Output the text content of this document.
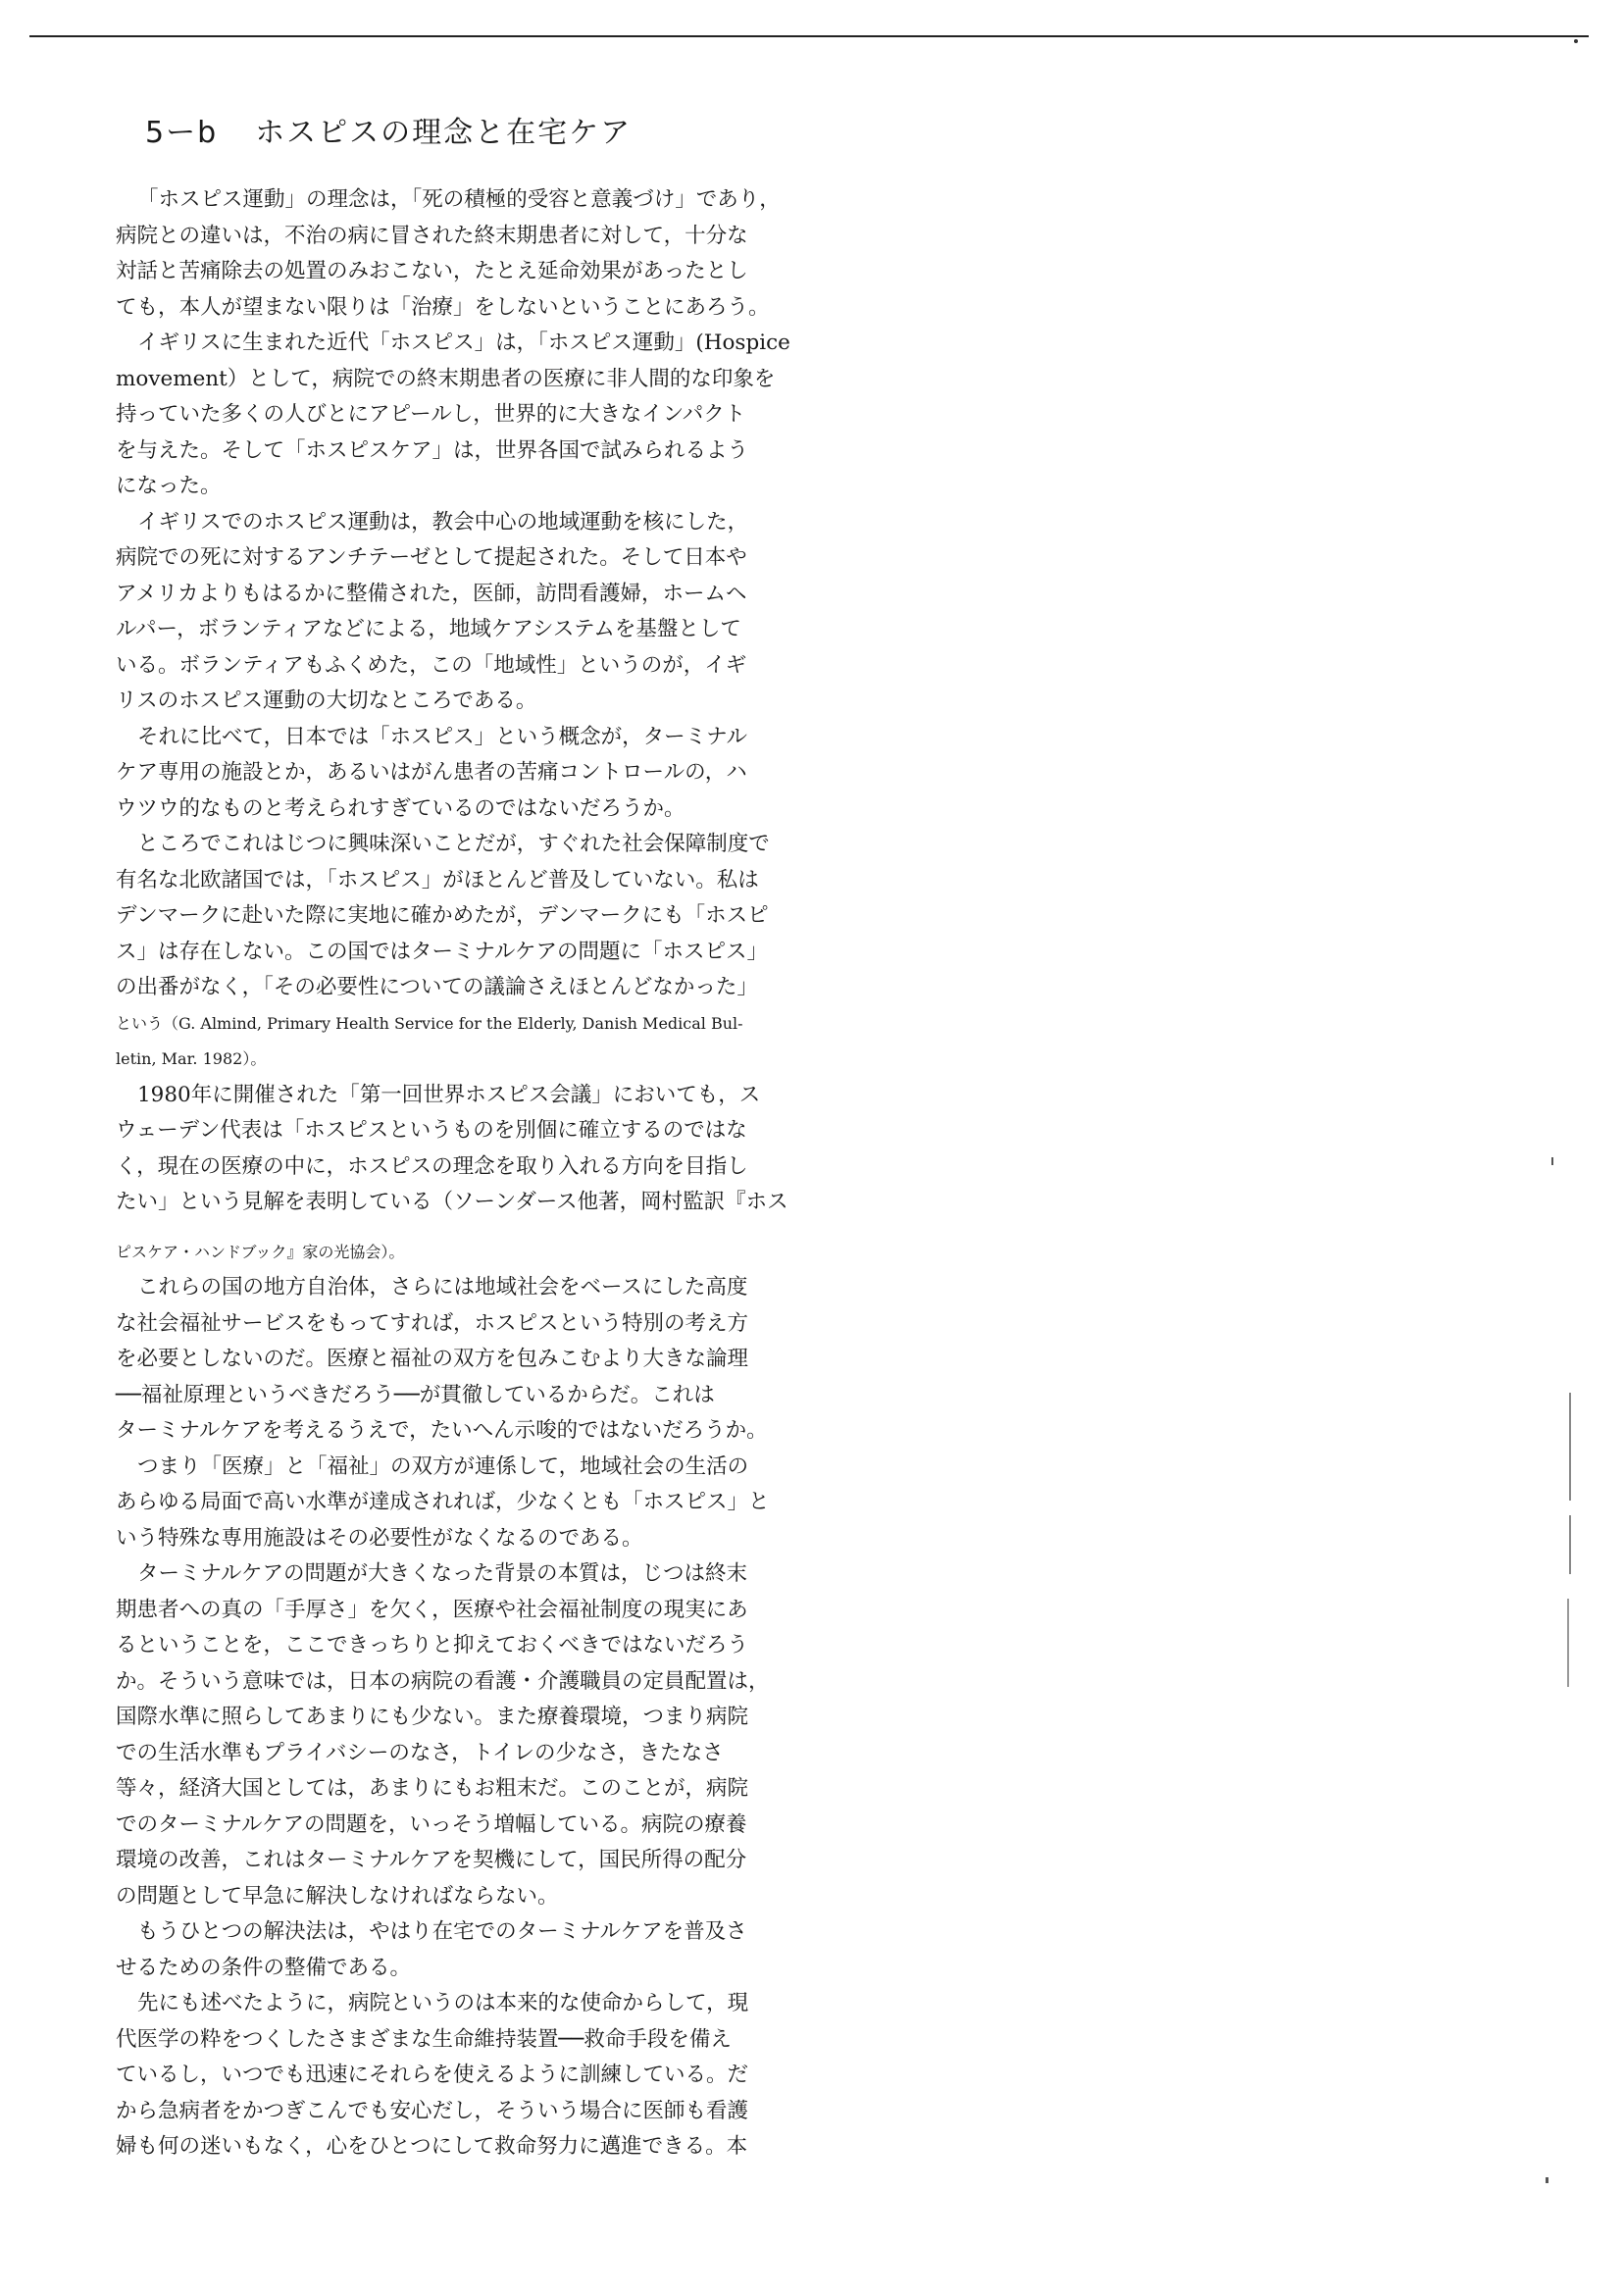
5ーb ホスピスの理念と在宅ケア
「ホスピス運動」の理念は，「死の積極的受容と意義づけ」であり，
病院との違いは，不治の病に冒された終末期患者に対して，十分な
対話と苦痛除去の処置のみおこない，たとえ延命効果があったとし
ても，本人が望まない限りは「治療」をしないということにあろう。
イギリスに生まれた近代「ホスピス」は，「ホスピス運動」(Hospice
movement）として，病院での終末期患者の医療に非人間的な印象を
持っていた多くの人びとにアピールし，世界的に大きなインパクト
を与えた。そして「ホスピスケア」は，世界各国で試みられるよう
になった。
イギリスでのホスピス運動は，教会中心の地域運動を核にした，
病院での死に対するアンチテーゼとして提起された。そして日本や
アメリカよりもはるかに整備された，医師，訪問看護婦，ホームヘ
ルパー，ボランティアなどによる，地域ケアシステムを基盤として
いる。ボランティアもふくめた，この「地域性」というのが，イギ
リスのホスピス運動の大切なところである。
それに比べて，日本では「ホスピス」という概念が，ターミナル
ケア専用の施設とか，あるいはがん患者の苦痛コントロールの，ハ
ウツウ的なものと考えられすぎているのではないだろうか。
ところでこれはじつに興味深いことだが，すぐれた社会保障制度で
有名な北欧諸国では，「ホスピス」がほとんど普及していない。私は
デンマークに赴いた際に実地に確かめたが，デンマークにも「ホスピ
ス」は存在しない。この国ではターミナルケアの問題に「ホスピス」
の出番がなく，「その必要性についての議論さえほとんどなかった」
という（G. Almind, Primary Health Service for the Elderly, Danish Medical Bul-
letin, Mar. 1982）。
1980年に開催された「第一回世界ホスピス会議」においても，ス
ウェーデン代表は「ホスピスというものを別個に確立するのではな
く，現在の医療の中に，ホスピスの理念を取り入れる方向を目指し
たい」という見解を表明している（ソーンダース他著，岡村監訳『ホス
ピスケア・ハンドブック』家の光協会）。
これらの国の地方自治体，さらには地域社会をベースにした高度
な社会福祉サービスをもってすれば，ホスピスという特別の考え方
を必要としないのだ。医療と福祉の双方を包みこむより大きな論理
──福祉原理というべきだろう──が貫徹しているからだ。これは
ターミナルケアを考えるうえで，たいへん示唆的ではないだろうか。
つまり「医療」と「福祉」の双方が連係して，地域社会の生活の
あらゆる局面で高い水準が達成されれば，少なくとも「ホスピス」と
いう特殊な専用施設はその必要性がなくなるのである。
ターミナルケアの問題が大きくなった背景の本質は，じつは終末
期患者への真の「手厚さ」を欠く，医療や社会福祉制度の現実にあ
るということを，ここできっちりと抑えておくべきではないだろう
か。そういう意味では，日本の病院の看護・介護職員の定員配置は，
国際水準に照らしてあまりにも少ない。また療養環境，つまり病院
での生活水準もプライバシーのなさ，トイレの少なさ，きたなさ
等々，経済大国としては，あまりにもお粗末だ。このことが，病院
でのターミナルケアの問題を，いっそう増幅している。病院の療養
環境の改善，これはターミナルケアを契機にして，国民所得の配分
の問題として早急に解決しなければならない。
もうひとつの解決法は，やはり在宅でのターミナルケアを普及さ
せるための条件の整備である。
先にも述べたように，病院というのは本来的な使命からして，現
代医学の粋をつくしたさまざまな生命維持装置──救命手段を備え
ているし，いつでも迅速にそれらを使えるように訓練している。だ
から急病者をかつぎこんでも安心だし，そういう場合に医師も看護
婦も何の迷いもなく，心をひとつにして救命努力に邁進できる。本
